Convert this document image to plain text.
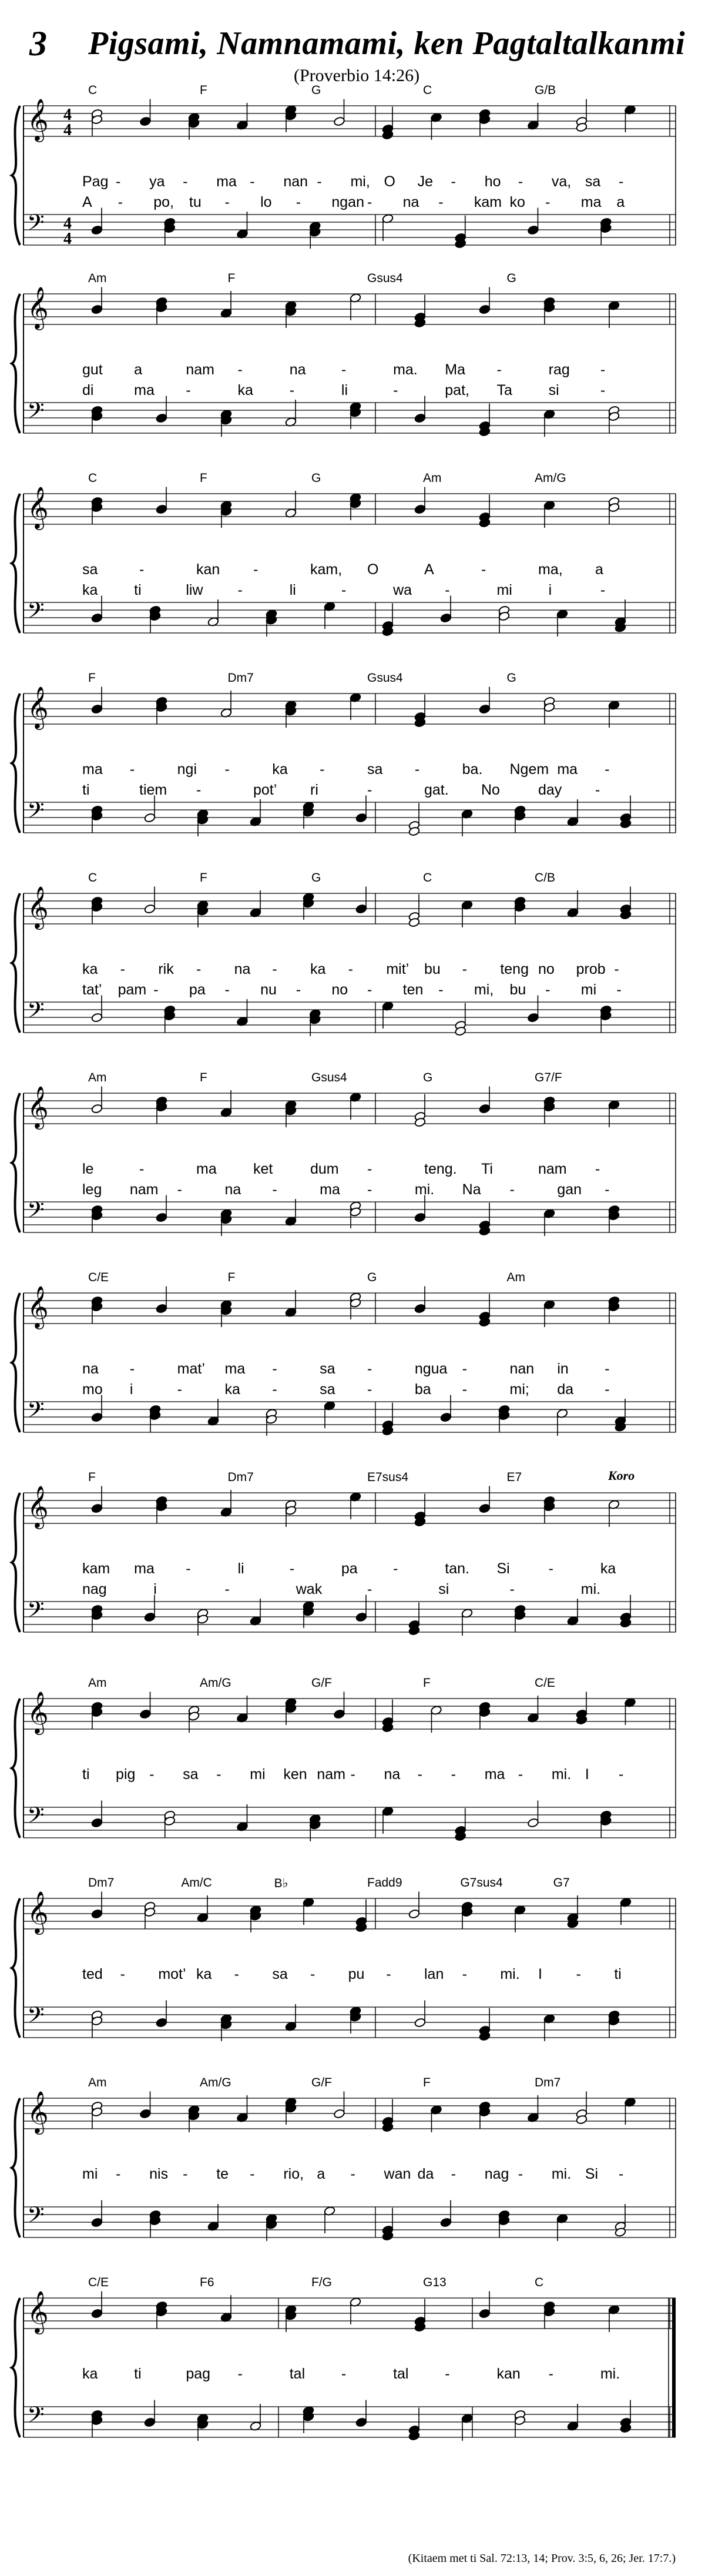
3 Pigsami, Namnamami, ken Pagtaltalkanmi
(Proverbio 14:26)
𝄞
𝄢
4
4
4
4
C	F	G	C	G/B
Pag - ya - ma - nan - mi, O Je - ho - va, sa -
A - po, tu - lo - ngan - na - kam ko - ma a
𝄞
𝄢
Am	F	Gsus4	G
gut a	nam -	na -	ma. Ma -	rag -
di	ma -	ka -	li	-	pat, Ta si	-
𝄞
𝄢
C	F	G	Am	Am/G
sa	-	kan -	kam, O	A	-	ma, a
ka ti	liw -	li	-	wa -	mi i	-
𝄞
𝄢
F	Dm7	Gsus4	G
ma -	ngi -	ka -	sa -	ba. Ngem ma -
ti	tiem -	pot’ ri	-	gat. No	day -
𝄞
𝄢
C	F	G	C	C/B
ka - rik - na - ka - mit’ bu - teng no prob -
tat’ pam - pa - nu - no - ten - mi, bu - mi -
𝄞
𝄢
Am	F	Gsus4	G	G7/F
le	-	ma ket	dum -	teng. Ti	nam -
leg nam -	na -	ma -	mi. Na -	gan -
𝄞
𝄢
C/E	F	G	Am
na -	mat’ ma -	sa -	ngua -	nan in -
mo i	-	ka -	sa -	ba -	mi; da -
𝄞
𝄢
F	Dm7	E7sus4	E7	Koro
kam ma -	li	-	pa -	tan. Si	-	ka
nag	i	-	wak	-	si	-	mi.
𝄞
𝄢
Am	Am/G	G/F	F	C/E
ti pig - sa - mi ken nam - na - - ma - mi. I -
𝄞
𝄢
Dm7	Am/C	B♭	Fadd9	G7sus4	G7
ted - mot’ ka - sa - pu - lan - mi. I - ti
𝄞
𝄢
Am	Am/G	G/F	F	Dm7
mi - nis - te - rio, a - wan da - nag - mi. Si -
𝄞
𝄢
C/E	F6	F/G	G13	C
ka ti	pag -	tal -	tal -	kan -	mi.
(Kitaem met ti Sal. 72:13, 14; Prov. 3:5, 6, 26; Jer. 17:7.)
